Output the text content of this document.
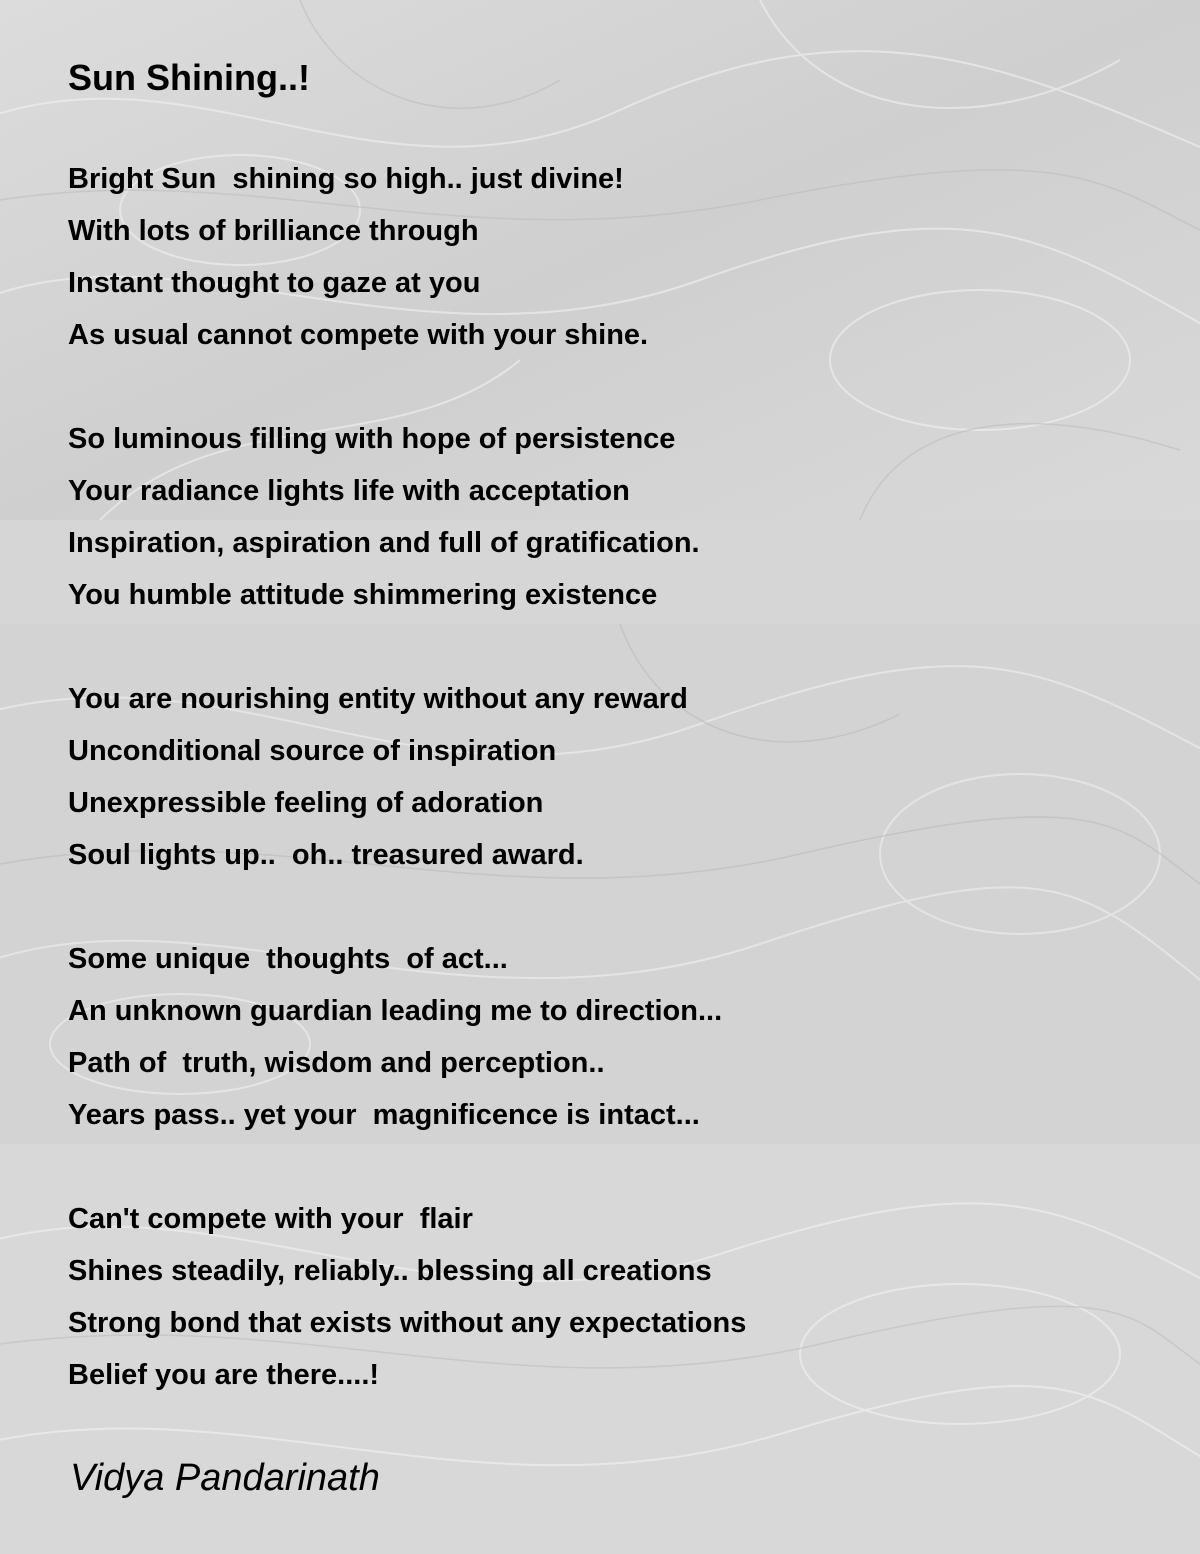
Sun Shining..!
Bright Sun  shining so high.. just divine!
With lots of brilliance through
Instant thought to gaze at you
As usual cannot compete with your shine.
So luminous filling with hope of persistence
Your radiance lights life with acceptation
Inspiration, aspiration and full of gratification.
You humble attitude shimmering existence
You are nourishing entity without any reward
Unconditional source of inspiration
Unexpressible feeling of adoration
Soul lights up..  oh.. treasured award.
Some unique  thoughts  of act...
An unknown guardian leading me to direction...
Path of  truth, wisdom and perception..
Years pass.. yet your  magnificence is intact...
Can't compete with your  flair
Shines steadily, reliably.. blessing all creations
Strong bond that exists without any expectations
Belief you are there....!

Vidya Pandarinath
